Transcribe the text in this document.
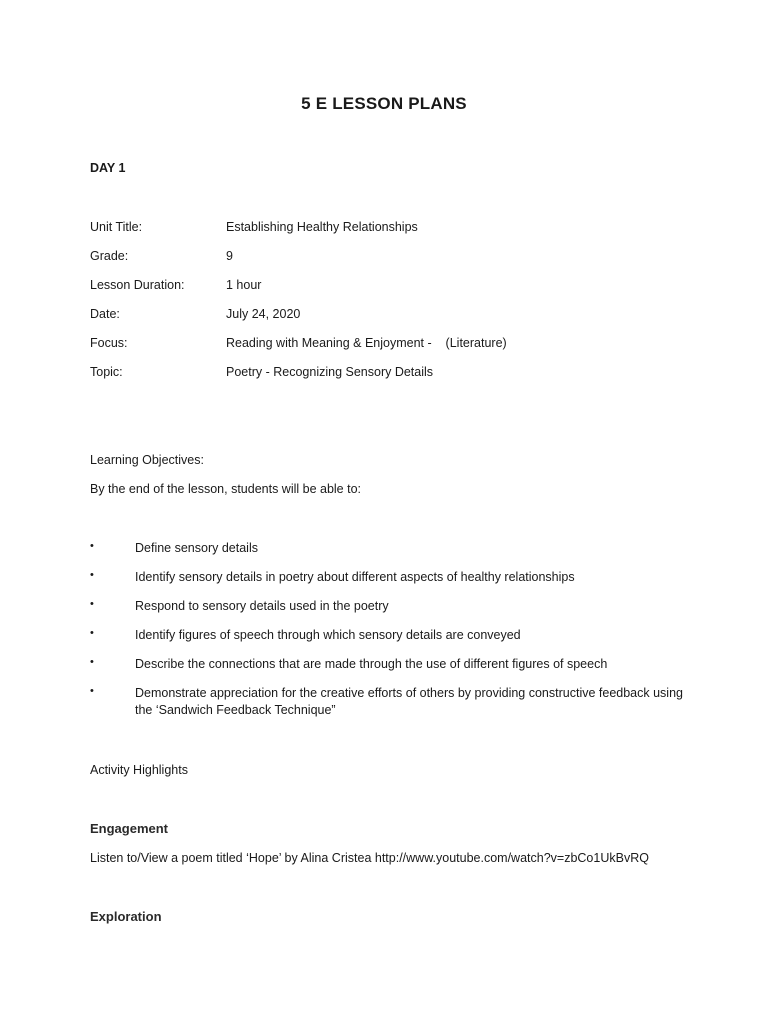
5 E LESSON PLANS
DAY 1
Unit Title:	Establishing Healthy Relationships
Grade:	9
Lesson Duration:	1 hour
Date:	July 24, 2020
Focus:	Reading with Meaning & Enjoyment -    (Literature)
Topic:	Poetry - Recognizing Sensory Details
Learning Objectives:
By the end of the lesson, students will be able to:
•	Define sensory details
•	Identify sensory details in poetry about different aspects of healthy relationships
•	Respond to sensory details used in the poetry
•	Identify figures of speech through which sensory details are conveyed
•	Describe the connections that are made through the use of different figures of speech
•	Demonstrate appreciation for the creative efforts of others by providing constructive feedback using the ‘Sandwich Feedback Technique”
Activity Highlights
Engagement
Listen to/View a poem titled ‘Hope’ by Alina Cristea http://www.youtube.com/watch?v=zbCo1UkBvRQ
Exploration
